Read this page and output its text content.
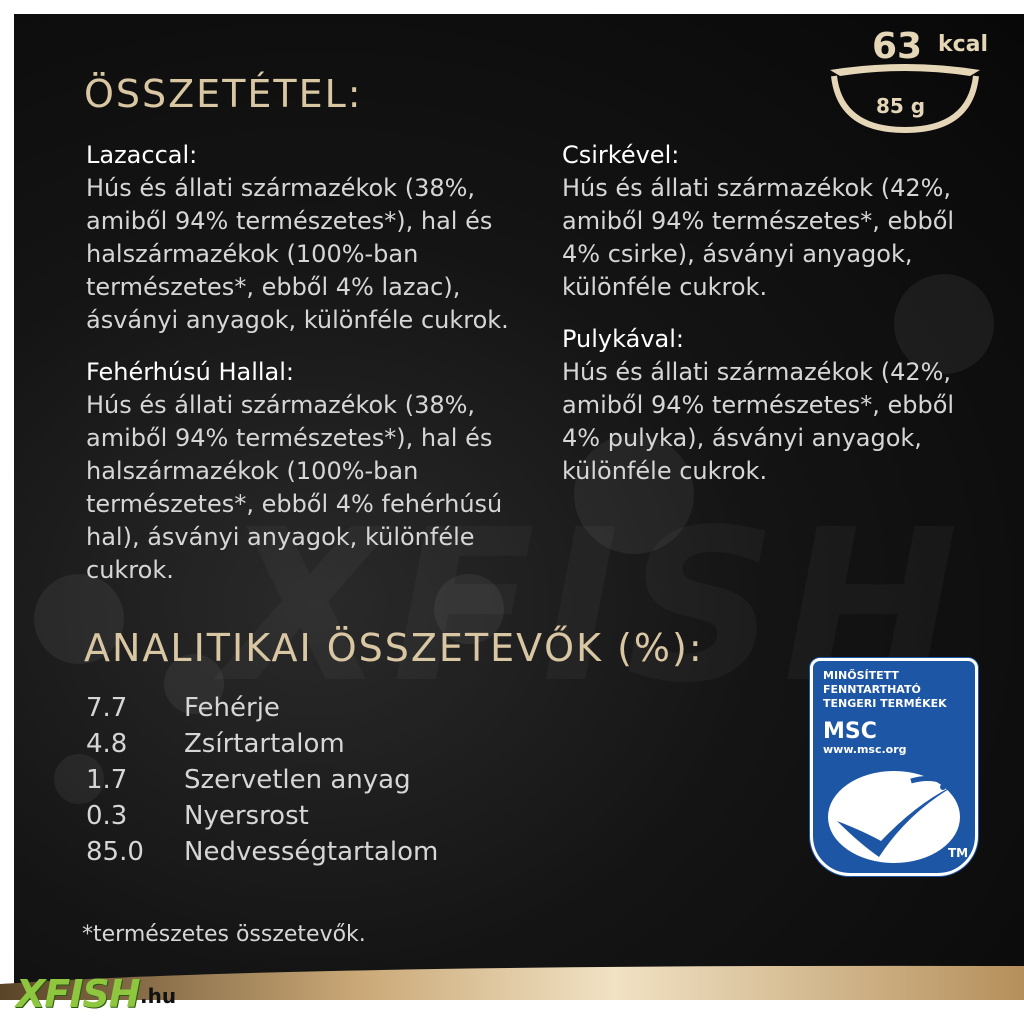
63 kcal
85 g
ÖSSZETÉTEL:
Lazaccal:
Hús és állati származékok (38%,
amiből 94% természetes*), hal és
halszármazékok (100%-ban
természetes*, ebből 4% lazac),
ásványi anyagok, különféle cukrok.
Fehérhúsú Hallal:
Hús és állati származékok (38%,
amiből 94% természetes*), hal és
halszármazékok (100%-ban
természetes*, ebből 4% fehérhúsú
hal), ásványi anyagok, különféle
cukrok.
Csirkével:
Hús és állati származékok (42%,
amiből 94% természetes*, ebből
4% csirke), ásványi anyagok,
különféle cukrok.
Pulykával:
Hús és állati származékok (42%,
amiből 94% természetes*, ebből
4% pulyka), ásványi anyagok,
különféle cukrok.
ANALITIKAI ÖSSZETEVŐK (%):
7.7	Fehérje
4.8	Zsírtartalom
1.7	Szervetlen anyag
0.3	Nyersrost
85.0	Nedvességtartalom
*természetes összetevők.
MINŐSÍTETT
FENNTARTHATÓ
TENGERI TERMÉKEK
MSC
www.msc.org
TM
XFISH .hu
